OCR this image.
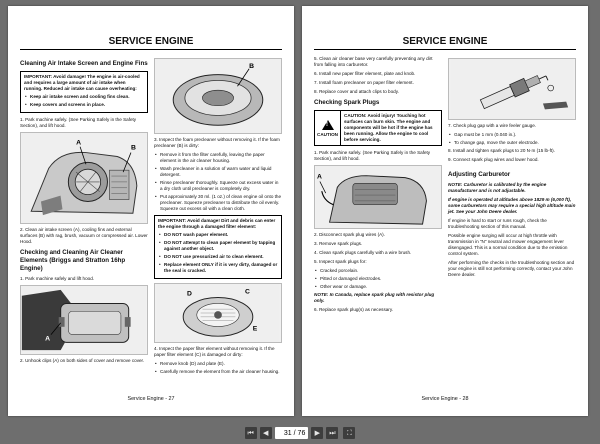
SERVICE ENGINE
Cleaning Air Intake Screen and Engine Fins
IMPORTANT: Avoid damage! The engine is air-cooled and requires a large amount of air intake when running. Reduced air intake can cause overheating:
• Keep air intake screen and cooling fins clean.
• Keep covers and screens in place.
1. Park machine safely. (See Parking Safely in the Safety Section), and lift hood.
A
B
2. Clean air intake screen (A), cooling fins and external surfaces (B) with rag, brush, vacuum or compressed air. Lower Hood.
Checking and Cleaning Air Cleaner Elements (Briggs and Stratton 16hp Engine)
1. Park machine safely and lift hood.
A
2. Unhook clips (A) on both sides of cover and remove cover.
B
3. Inspect the foam precleaner without removing it. If the foam precleaner (B) is dirty:
• Remove it from the filter carefully, leaving the paper element in the air cleaner housing.
• Wash precleaner in a solution of warm water and liquid detergent.
• Rinse precleaner thoroughly. Squeeze out excess water in a dry cloth until precleaner is completely dry.
• Put approximately 30 ml. (1 oz.) of clean engine oil onto the precleaner. Squeeze precleaner to distribute the oil evenly. Squeeze out excess oil with a clean cloth.
IMPORTANT: Avoid damage! Dirt and debris can enter the engine through a damaged filter element:
• DO NOT wash paper element.
• DO NOT attempt to clean paper element by tapping against another object.
• DO NOT use pressurized air to clean element.
• Replace element ONLY if it is very dirty, damaged or the seal is cracked.
C
D
E
4. Inspect the paper filter element without removing it. If the paper filter element (C) is damaged or dirty:
• Remove knob (D) and plate (E).
• Carefully remove the element from the air cleaner housing.
Service Engine - 27
SERVICE ENGINE
5. Clean air cleaner base very carefully preventing any dirt from falling into carburetor.
6. Install new paper filter element, plate and knob.
7. Install foam precleaner on paper filter element.
8. Replace cover and attach clips to body.
Checking Spark Plugs
!
CAUTION
CAUTION: Avoid injury! Touching hot surfaces can burn skin. The engine and components will be hot if the engine has been running. Allow the engine to cool before servicing.
1. Park machine safely. (See Parking Safely in the Safety Section), and lift hood.
A
2. Disconnect spark plug wires (A).
3. Remove spark plugs.
4. Clean spark plugs carefully with a wire brush.
5. Inspect spark plugs for:
• Cracked porcelain.
• Pitted or damaged electrodes.
• Other wear or damage.
NOTE: In Canada, replace spark plug with resistor plug only.
6. Replace spark plug(s) as necessary.
7. Check plug gap with a wire feeler gauge.
• Gap must be 1 mm (0.040 in.).
• To change gap, move the outer electrode.
8. Install and tighten spark plugs to 20 N·m (15 lb-ft).
9. Connect spark plug wires and lower hood.
Adjusting Carburetor
NOTE: Carburetor is calibrated by the engine manufacturer and is not adjustable.
If engine is operated at altitudes above 1829 m (6,000 ft), some carburetors may require a special high altitude main jet. See your John Deere dealer.
If engine is hard to start or runs rough, check the troubleshooting section of this manual.
Possible engine surging will occur at high throttle with transmission in "N" neutral and mower engagement lever disengaged. This is a normal condition due to the emission control system.
After performing the checks in the troubleshooting section and your engine is still not performing correctly, contact your John Deere dealer.
Service Engine - 28
⏮	◀
31	/ 76	▶	⏭	⛶
